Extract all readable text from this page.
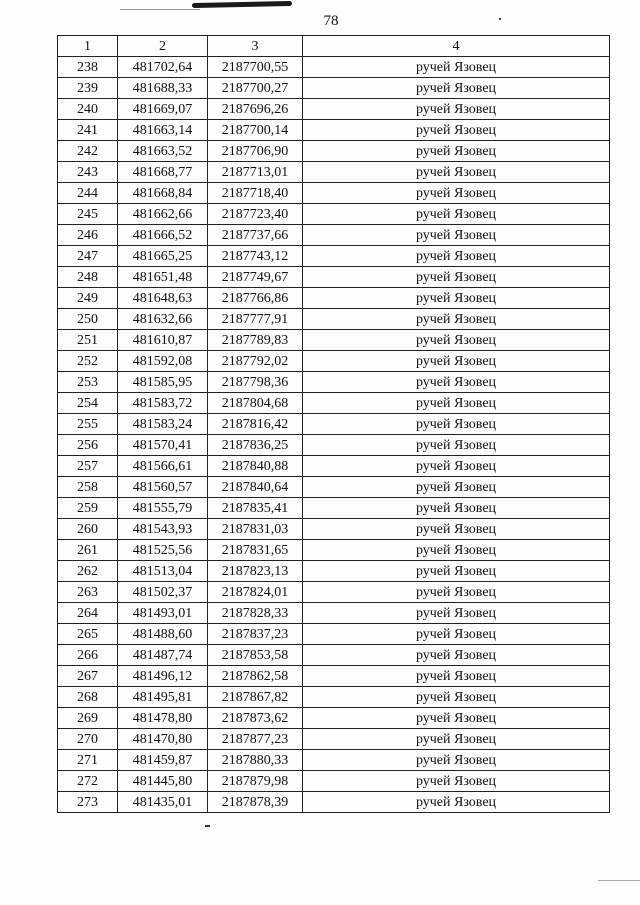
78
1	2	3	4
238	481702,64	2187700,55	ручей Язовец
239	481688,33	2187700,27	ручей Язовец
240	481669,07	2187696,26	ручей Язовец
241	481663,14	2187700,14	ручей Язовец
242	481663,52	2187706,90	ручей Язовец
243	481668,77	2187713,01	ручей Язовец
244	481668,84	2187718,40	ручей Язовец
245	481662,66	2187723,40	ручей Язовец
246	481666,52	2187737,66	ручей Язовец
247	481665,25	2187743,12	ручей Язовец
248	481651,48	2187749,67	ручей Язовец
249	481648,63	2187766,86	ручей Язовец
250	481632,66	2187777,91	ручей Язовец
251	481610,87	2187789,83	ручей Язовец
252	481592,08	2187792,02	ручей Язовец
253	481585,95	2187798,36	ручей Язовец
254	481583,72	2187804,68	ручей Язовец
255	481583,24	2187816,42	ручей Язовец
256	481570,41	2187836,25	ручей Язовец
257	481566,61	2187840,88	ручей Язовец
258	481560,57	2187840,64	ручей Язовец
259	481555,79	2187835,41	ручей Язовец
260	481543,93	2187831,03	ручей Язовец
261	481525,56	2187831,65	ручей Язовец
262	481513,04	2187823,13	ручей Язовец
263	481502,37	2187824,01	ручей Язовец
264	481493,01	2187828,33	ручей Язовец
265	481488,60	2187837,23	ручей Язовец
266	481487,74	2187853,58	ручей Язовец
267	481496,12	2187862,58	ручей Язовец
268	481495,81	2187867,82	ручей Язовец
269	481478,80	2187873,62	ручей Язовец
270	481470,80	2187877,23	ручей Язовец
271	481459,87	2187880,33	ручей Язовец
272	481445,80	2187879,98	ручей Язовец
273	481435,01	2187878,39	ручей Язовец
